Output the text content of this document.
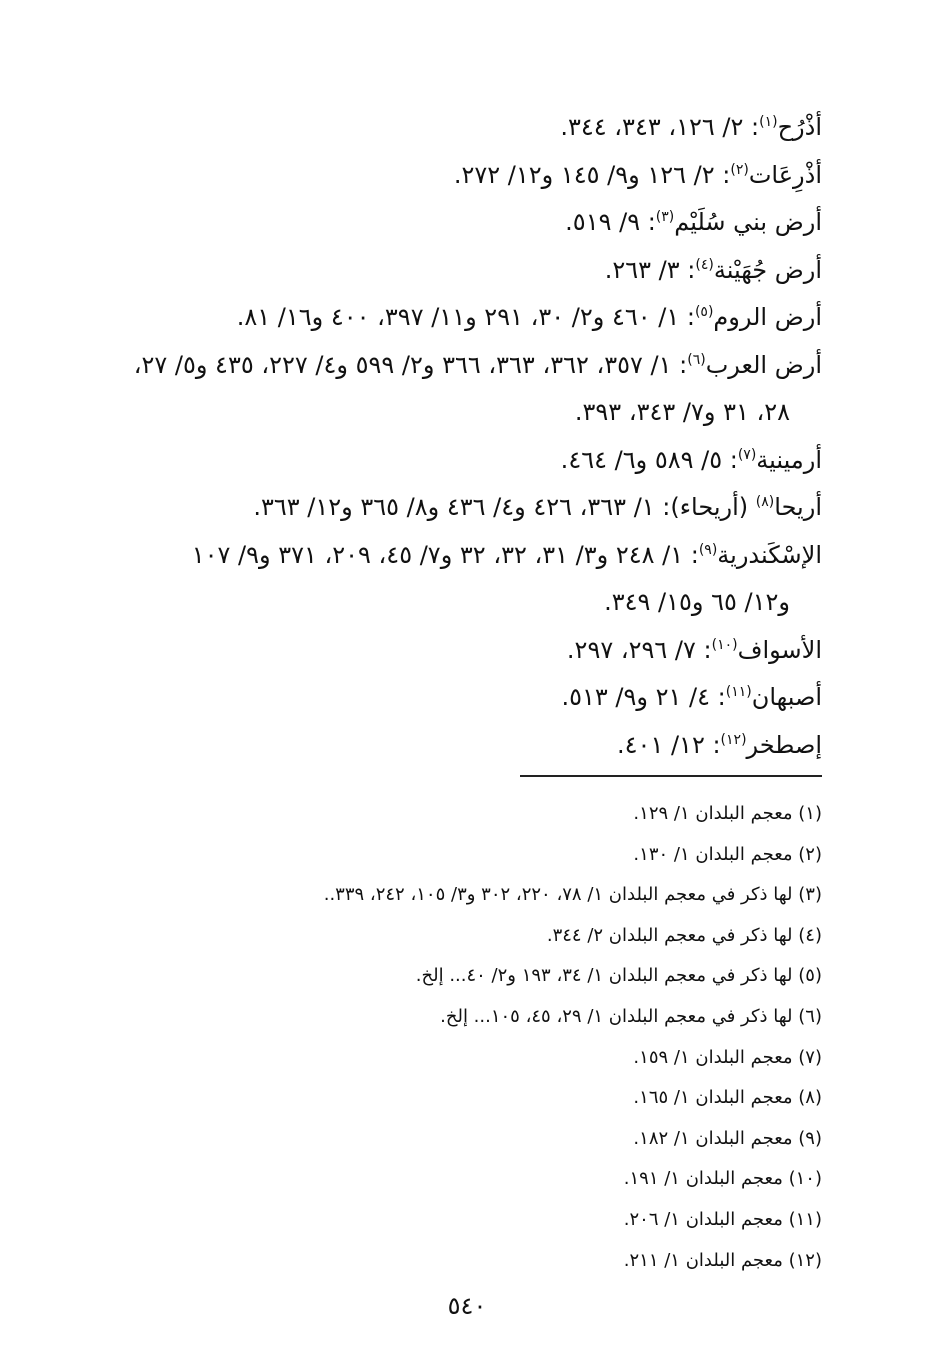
أذْرُح$^{(١)}$: ٢/ ١٢٦، ٣٤٣، ٣٤٤.
أذْرِعَات$^{(٢)}$: ٢/ ١٢٦ و٩/ ١٤٥ و١٢/ ٢٧٢.
أرض بني سُلَيْم$^{(٣)}$: ٩/ ٥١٩.
أرض جُهَيْنة$^{(٤)}$: ٣/ ٢٦٣.
أرض الروم$^{(٥)}$: ١/ ٤٦٠ و٢/ ٣٠، ٢٩١ و١١/ ٣٩٧، ٤٠٠ و١٦/ ٨١.
أرض العرب$^{(٦)}$: ١/ ٣٥٧، ٣٦٢، ٣٦٣، ٣٦٦ و٢/ ٥٩٩ و٤/ ٢٢٧، ٤٣٥ و٥/ ٢٧،
٢٨، ٣١ و٧/ ٣٤٣، ٣٩٣.
أرمينية$^{(٧)}$: ٥/ ٥٨٩ و٦/ ٤٦٤.
أريحا$^{(٨)}$ (أريحاء): ١/ ٣٦٣، ٤٢٦ و٤/ ٤٣٦ و٨/ ٣٦٥ و١٢/ ٣٦٣.
الإسْكَندرية$^{(٩)}$: ١/ ٢٤٨ و٣/ ٣١، ٣٢، ٣٢ و٧/ ٤٥، ٢٠٩، ٣٧١ و٩/ ١٠٧
و١٢/ ٦٥ و١٥/ ٣٤٩.
الأسواف$^{(١٠)}$: ٧/ ٢٩٦، ٢٩٧.
أصبهان$^{(١١)}$: ٤/ ٢١ و٩/ ٥١٣.
إصطخر$^{(١٢)}$: ١٢/ ٤٠١.
(١) معجم البلدان ١/ ١٢٩.
(٢) معجم البلدان ١/ ١٣٠.
(٣) لها ذكر في معجم البلدان ١/ ٧٨، ٢٢٠، ٣٠٢ و٣/ ١٠٥، ٢٤٢، ٣٣٩..
(٤) لها ذكر في معجم البلدان ٢/ ٣٤٤.
(٥) لها ذكر في معجم البلدان ١/ ٣٤، ١٩٣ و٢/ ٤٠... إلخ.
(٦) لها ذكر في معجم البلدان ١/ ٢٩، ٤٥، ١٠٥... إلخ.
(٧) معجم البلدان ١/ ١٥٩.
(٨) معجم البلدان ١/ ١٦٥.
(٩) معجم البلدان ١/ ١٨٢.
(١٠) معجم البلدان ١/ ١٩١.
(١١) معجم البلدان ١/ ٢٠٦.
(١٢) معجم البلدان ١/ ٢١١.
٥٤٠
